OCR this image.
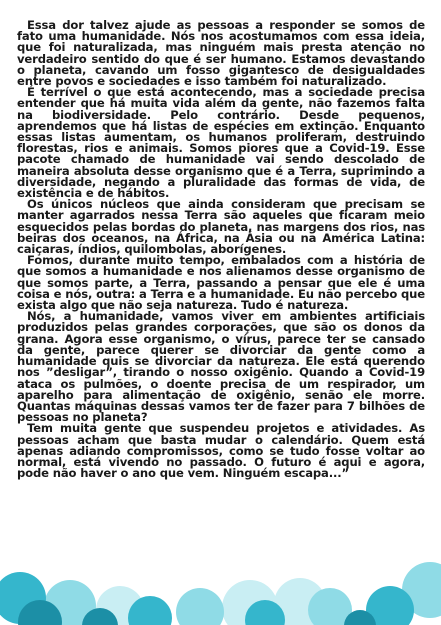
Essa dor talvez ajude as pessoas a responder se somos de fato uma humanidade. Nós nos acostumamos com essa ideia, que foi naturalizada, mas ninguém mais presta atenção no verdadeiro sentido do que é ser humano. Estamos devastando o planeta, cavando um fosso gigantesco de desigualdades entre povos e sociedades e isso também foi naturalizado.

É terrível o que está acontecendo, mas a sociedade precisa entender que há muita vida além da gente, não fazemos falta na biodiversidade. Pelo contrário. Desde pequenos, aprendemos que há listas de espécies em extinção. Enquanto essas listas aumentam, os humanos proliferam, destruindo florestas, rios e animais. Somos piores que a Covid-19. Esse pacote chamado de humanidade vai sendo descolado de maneira absoluta desse organismo que é a Terra, suprimindo a diversidade, negando a pluralidade das formas de vida, de existência e de hábitos.

Os únicos núcleos que ainda consideram que precisam se manter agarrados nessa Terra são aqueles que ficaram meio esquecidos pelas bordas do planeta, nas margens dos rios, nas beiras dos oceanos, na África, na Ásia ou na América Latina: caiçaras, índios, quilombolas, aborígenes.

Fomos, durante muito tempo, embalados com a história de que somos a humanidade e nos alienamos desse organismo de que somos parte, a Terra, passando a pensar que ele é uma coisa e nós, outra: a Terra e a humanidade. Eu não percebo que exista algo que não seja natureza. Tudo é natureza.

Nós, a humanidade, vamos viver em ambientes artificiais produzidos pelas grandes corporações, que são os donos da grana. Agora esse organismo, o vírus, parece ter se cansado da gente, parece querer se divorciar da gente como a humanidade quis se divorciar da natureza. Ele está querendo nos ”desligar”, tirando o nosso oxigênio. Quando a Covid-19 ataca os pulmões, o doente precisa de um respirador, um aparelho para alimentação de oxigênio, senão ele morre. Quantas máquinas dessas vamos ter de fazer para 7 bilhões de pessoas no planeta?

Tem muita gente que suspendeu projetos e atividades. As pessoas acham que basta mudar o calendário. Quem está apenas adiando compromissos, como se tudo fosse voltar ao normal, está vivendo no passado. O futuro é aqui e agora, pode não haver o ano que vem. Ninguém escapa...”
